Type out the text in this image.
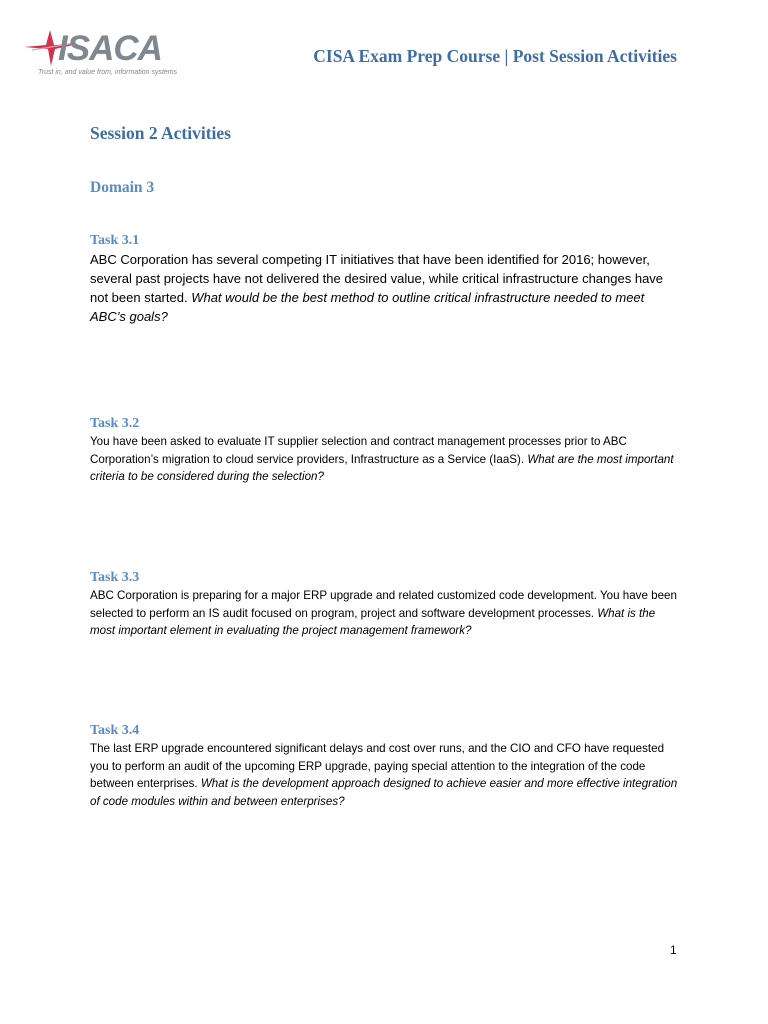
ISACA
Trust in, and value from, information systems
CISA Exam Prep Course | Post Session Activities
Session 2 Activities
Domain 3

Task 3.1

ABC Corporation has several competing IT initiatives that have been identified for 2016; however, several past projects have not delivered the desired value, while critical infrastructure changes have not been started. What would be the best method to outline critical infrastructure needed to meet ABC’s goals?

Task 3.2

You have been asked to evaluate IT supplier selection and contract management processes prior to ABC Corporation’s migration to cloud service providers, Infrastructure as a Service (IaaS). What are the most important criteria to be considered during the selection?

Task 3.3

ABC Corporation is preparing for a major ERP upgrade and related customized code development. You have been selected to perform an IS audit focused on program, project and software development processes. What is the most important element in evaluating the project management framework?

Task 3.4

The last ERP upgrade encountered significant delays and cost over runs, and the CIO and CFO have requested you to perform an audit of the upcoming ERP upgrade, paying special attention to the integration of the code between enterprises. What is the development approach designed to achieve easier and more effective integration of code modules within and between enterprises?

1
